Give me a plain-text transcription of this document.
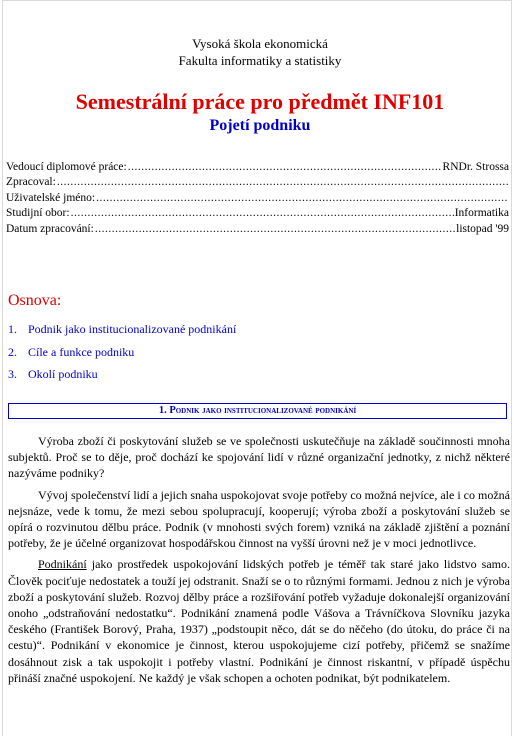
Vysoká škola ekonomická
Fakulta informatiky a statistiky
Semestrální práce pro předmět INF101
Pojetí podniku
Vedoucí diplomové práce: .....	RNDr. Strossa
Zpracoval:
.....
Uživatelské jméno:
.....
Studijní obor: .....	Informatika
Datum zpracování: .....	listopad '99
Osnova:
1. Podnik jako institucionalizované podnikání
2. Cíle a funkce podniku
3. Okolí podniku
1. Podnik jako institucionalizované podnikání

Výroba zboží či poskytování služeb se ve společnosti uskutečňuje na základě součinnosti mnoha subjektů. Proč se to děje, proč dochází ke spojování lidí v různé organizační jednotky, z nichž některé nazýváme podniky?

Vývoj společenství lidí a jejich snaha uspokojovat svoje potřeby co možná nejvíce, ale i co možná nejsnáze, vede k tomu, že mezi sebou spolupracují, kooperují; výroba zboží a poskytování služeb se opírá o rozvinutou dělbu práce. Podnik (v mnohosti svých forem) vzniká na základě zjištění a poznání potřeby, že je účelné organizovat hospodářskou činnost na vyšší úrovni než je v moci jednotlivce.

Podnikání jako prostředek uspokojování lidských potřeb je téměř tak staré jako lidstvo samo. Člověk pociťuje nedostatek a touží jej odstranit. Snaží se o to různými formami. Jednou z nich je výroba zboží a poskytování služeb. Rozvoj dělby práce a rozšiřování potřeb vyžaduje dokonalejší organizování onoho „odstraňování nedostatku“. Podnikání znamená podle Vášova a Trávníčkova Slovníku jazyka českého (František Borový, Praha, 1937) „podstoupit něco, dát se do něčeho (do útoku, do práce či na cestu)“. Podnikání v ekonomice je činnost, kterou uspokojujeme cizí potřeby, přičemž se snažíme dosáhnout zisk a tak uspokojit i potřeby vlastní. Podnikání je činnost riskantní, v případě úspěchu přináší značné uspokojení. Ne každý je však schopen a ochoten podnikat, být podnikatelem.
